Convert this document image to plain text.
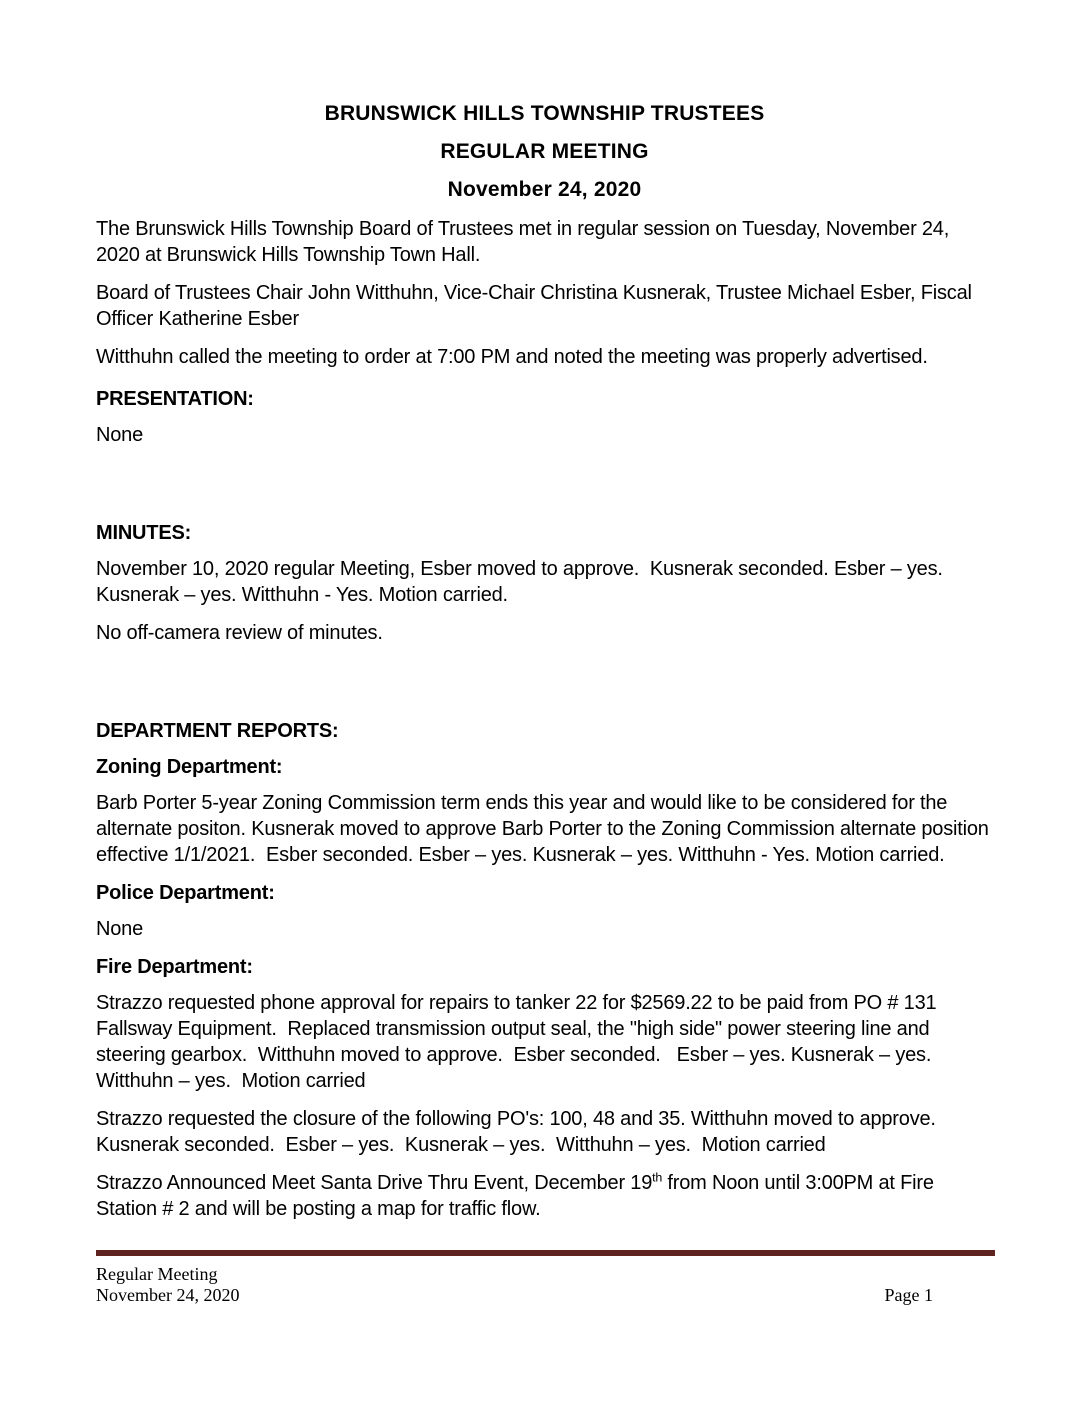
BRUNSWICK HILLS TOWNSHIP TRUSTEES
REGULAR MEETING
November 24, 2020

The Brunswick Hills Township Board of Trustees met in regular session on Tuesday, November 24, 2020 at Brunswick Hills Township Town Hall.

Board of Trustees Chair John Witthuhn, Vice-Chair Christina Kusnerak, Trustee Michael Esber, Fiscal Officer Katherine Esber

Witthuhn called the meeting to order at 7:00 PM and noted the meeting was properly advertised.

PRESENTATION:

None

MINUTES:

November 10, 2020 regular Meeting, Esber moved to approve.  Kusnerak seconded. Esber – yes. Kusnerak – yes. Witthuhn - Yes. Motion carried.

No off-camera review of minutes.

DEPARTMENT REPORTS:
Zoning Department:

Barb Porter 5-year Zoning Commission term ends this year and would like to be considered for the alternate positon. Kusnerak moved to approve Barb Porter to the Zoning Commission alternate position effective 1/1/2021.  Esber seconded. Esber – yes. Kusnerak – yes. Witthuhn - Yes. Motion carried.

Police Department:

None

Fire Department:

Strazzo requested phone approval for repairs to tanker 22 for $2569.22 to be paid from PO # 131 Fallsway Equipment.  Replaced transmission output seal, the "high side" power steering line and steering gearbox.  Witthuhn moved to approve.  Esber seconded.   Esber – yes. Kusnerak – yes. Witthuhn – yes.  Motion carried

Strazzo requested the closure of the following PO's: 100, 48 and 35. Witthuhn moved to approve.  Kusnerak seconded.  Esber – yes.  Kusnerak – yes.  Witthuhn – yes.  Motion carried

Strazzo Announced Meet Santa Drive Thru Event, December 19th from Noon until 3:00PM at Fire Station # 2 and will be posting a map for traffic flow.

Regular Meeting
November 24, 2020	Page 1
